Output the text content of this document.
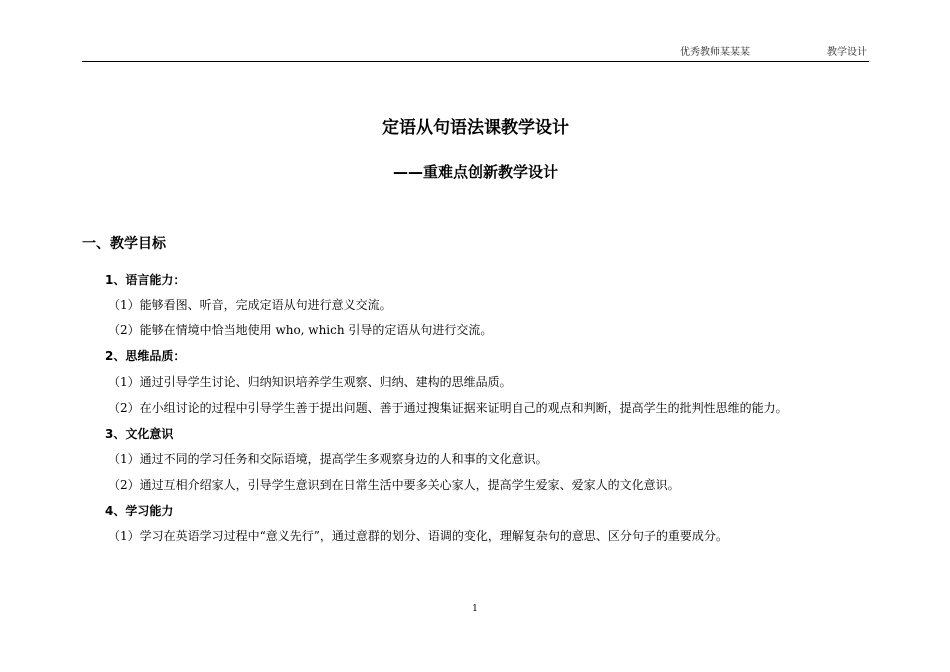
优秀教师某某某	教学设计
定语从句语法课教学设计
——重难点创新教学设计
一、教学目标
1、语言能力：
（1）能够看图、听音，完成定语从句进行意义交流。
（2）能够在情境中恰当地使用 who, which 引导的定语从句进行交流。
2、思维品质：
（1）通过引导学生讨论、归纳知识培养学生观察、归纳、建构的思维品质。
（2）在小组讨论的过程中引导学生善于提出问题、善于通过搜集证据来证明自己的观点和判断，提高学生的批判性思维的能力。
3、文化意识
（1）通过不同的学习任务和交际语境，提高学生多观察身边的人和事的文化意识。
（2）通过互相介绍家人，引导学生意识到在日常生活中要多关心家人，提高学生爱家、爱家人的文化意识。
4、学习能力
（1）学习在英语学习过程中“意义先行”，通过意群的划分、语调的变化，理解复杂句的意思、区分句子的重要成分。
1
